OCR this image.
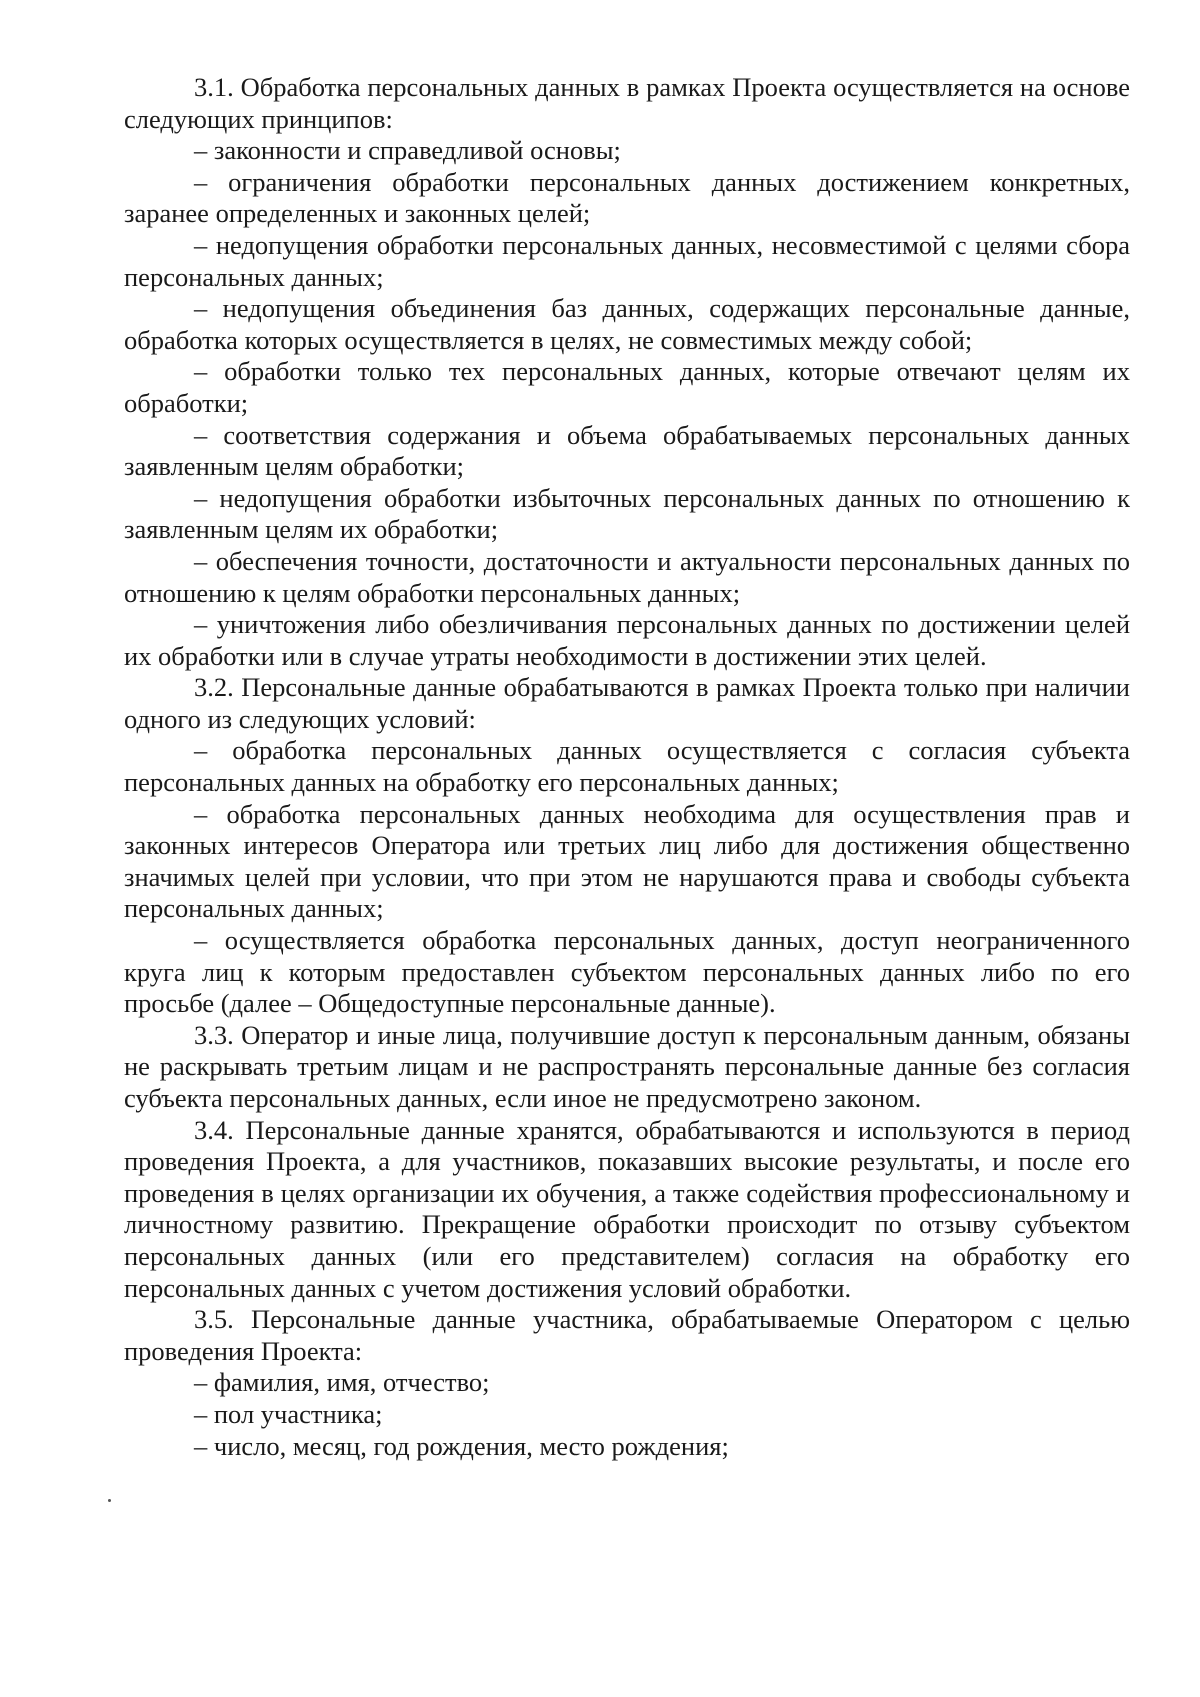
3.1. Обработка персональных данных в рамках Проекта осуществляется на основе следующих принципов:

– законности и справедливой основы;

– ограничения обработки персональных данных достижением конкретных, заранее определенных и законных целей;

– недопущения обработки персональных данных, несовместимой с целями сбора персональных данных;

– недопущения объединения баз данных, содержащих персональные данные, обработка которых осуществляется в целях, не совместимых между собой;

– обработки только тех персональных данных, которые отвечают целям их обработки;

– соответствия содержания и объема обрабатываемых персональных данных заявленным целям обработки;

– недопущения обработки избыточных персональных данных по отношению к заявленным целям их обработки;

– обеспечения точности, достаточности и актуальности персональных данных по отношению к целям обработки персональных данных;

– уничтожения либо обезличивания персональных данных по достижении целей их обработки или в случае утраты необходимости в достижении этих целей.

3.2. Персональные данные обрабатываются в рамках Проекта только при наличии одного из следующих условий:

– обработка персональных данных осуществляется с согласия субъекта персональных данных на обработку его персональных данных;

– обработка персональных данных необходима для осуществления прав и законных интересов Оператора или третьих лиц либо для достижения общественно значимых целей при условии, что при этом не нарушаются права и свободы субъекта персональных данных;

– осуществляется обработка персональных данных, доступ неограниченного круга лиц к которым предоставлен субъектом персональных данных либо по его просьбе (далее – Общедоступные персональные данные).

3.3. Оператор и иные лица, получившие доступ к персональным данным, обязаны не раскрывать третьим лицам и не распространять персональные данные без согласия субъекта персональных данных, если иное не предусмотрено законом.

3.4. Персональные данные хранятся, обрабатываются и используются в период проведения Проекта, а для участников, показавших высокие результаты, и после его проведения в целях организации их обучения, а также содействия профессиональному и личностному развитию. Прекращение обработки происходит по отзыву субъектом персональных данных (или его представителем) согласия на обработку его персональных данных с учетом достижения условий обработки.

3.5. Персональные данные участника, обрабатываемые Оператором с целью проведения Проекта:

– фамилия, имя, отчество;

– пол участника;

– число, месяц, год рождения, место рождения;
